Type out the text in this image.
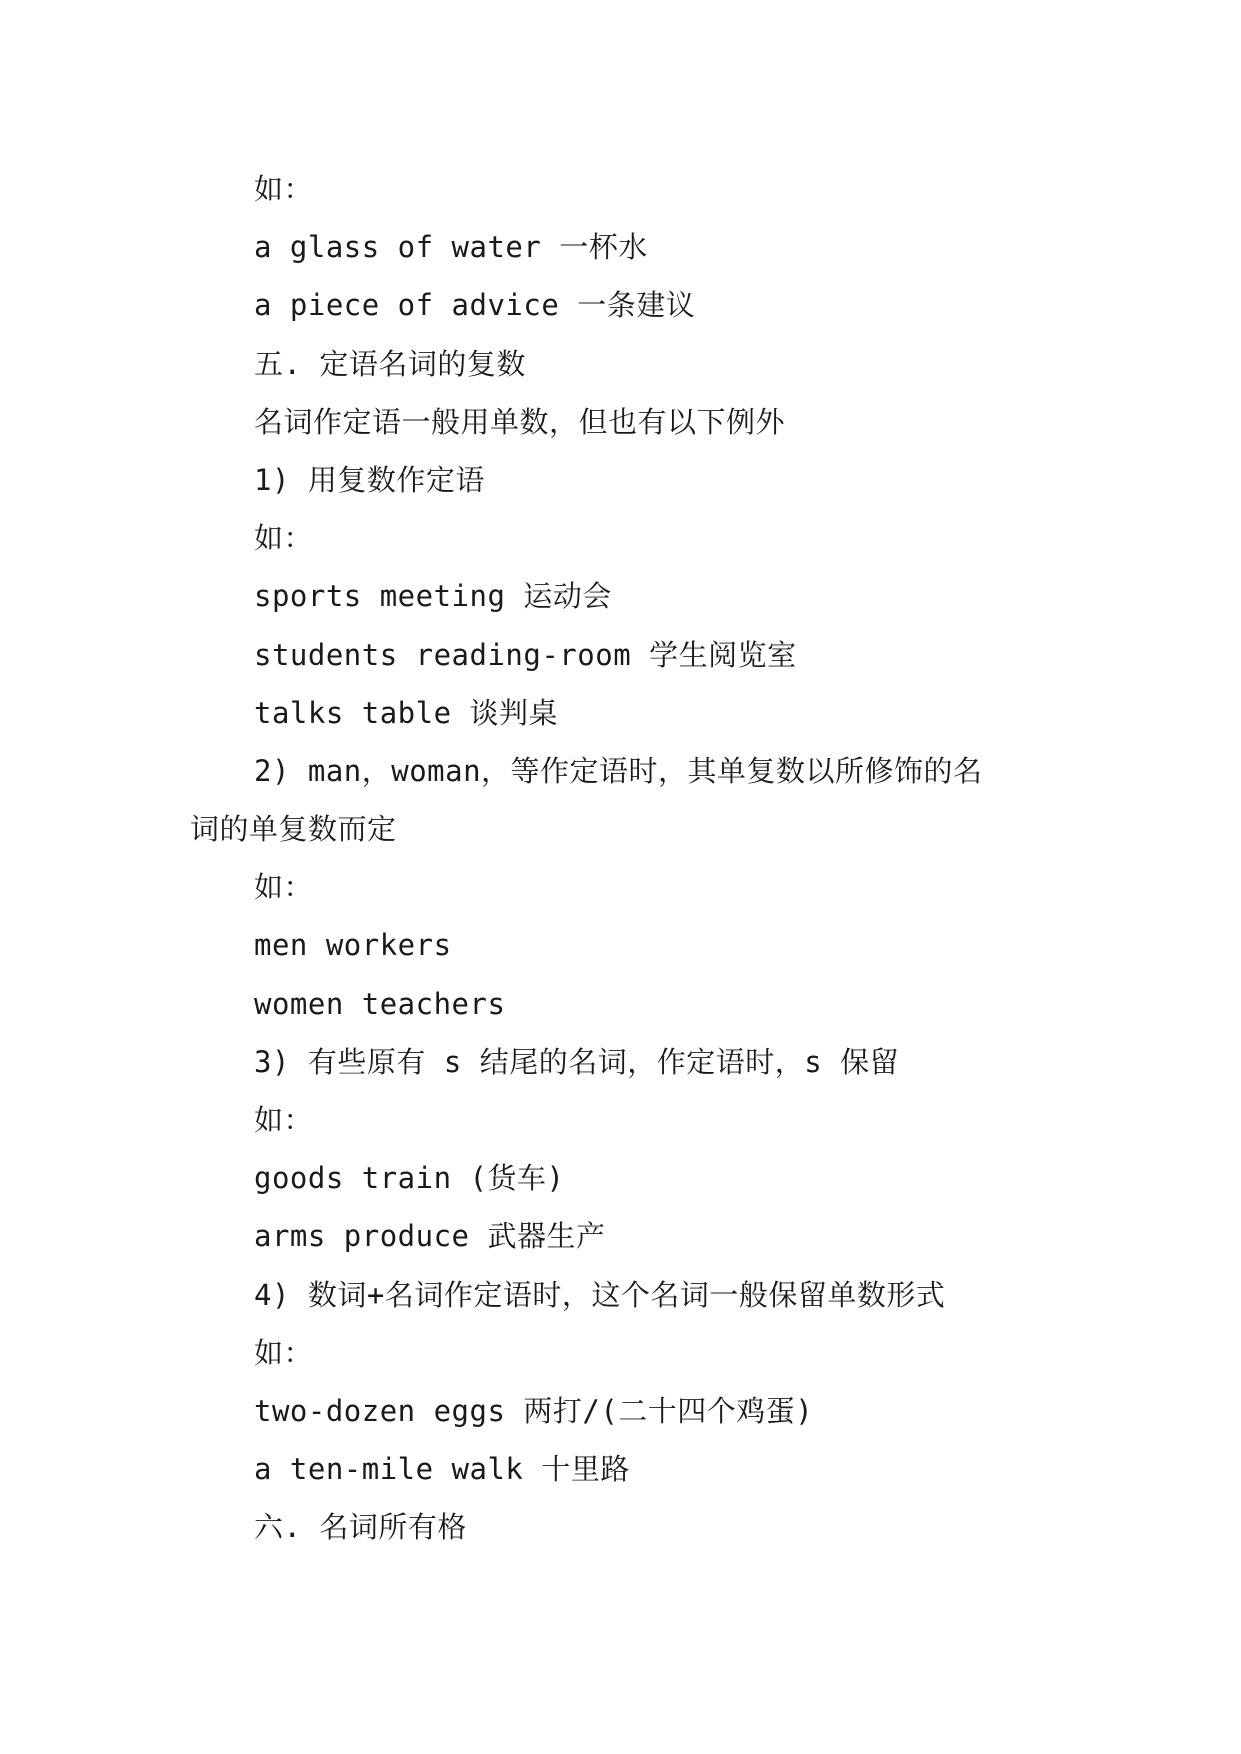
如：
a glass of water 一杯水
a piece of advice 一条建议
五. 定语名词的复数
名词作定语一般用单数，但也有以下例外
1) 用复数作定语
如：
sports meeting 运动会
students reading-room 学生阅览室
talks table 谈判桌
2) man，woman，等作定语时，其单复数以所修饰的名
词的单复数而定
如：
men workers
women teachers
3) 有些原有 s 结尾的名词，作定语时，s 保留
如：
goods train (货车)
arms produce 武器生产
4) 数词+名词作定语时，这个名词一般保留单数形式
如：
two-dozen eggs 两打/(二十四个鸡蛋)
a ten-mile walk 十里路
六. 名词所有格
